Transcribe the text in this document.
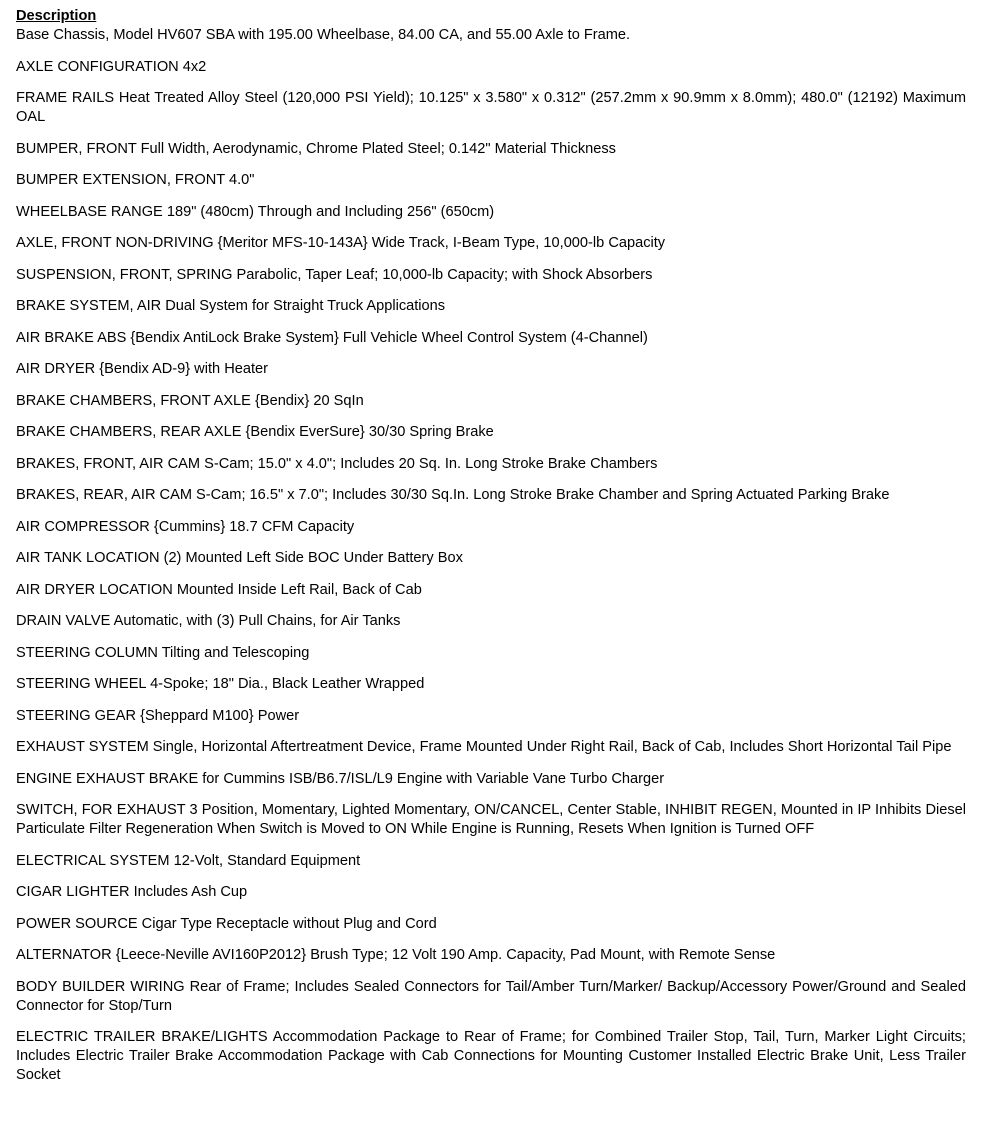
Description

Base Chassis, Model HV607 SBA with 195.00 Wheelbase, 84.00 CA, and 55.00 Axle to Frame.

AXLE CONFIGURATION 4x2

FRAME RAILS Heat Treated Alloy Steel (120,000 PSI Yield); 10.125" x 3.580" x 0.312" (257.2mm x 90.9mm x 8.0mm); 480.0" (12192) Maximum OAL

BUMPER, FRONT Full Width, Aerodynamic, Chrome Plated Steel; 0.142" Material Thickness

BUMPER EXTENSION, FRONT 4.0"

WHEELBASE RANGE 189" (480cm) Through and Including 256" (650cm)

AXLE, FRONT NON-DRIVING {Meritor MFS-10-143A} Wide Track, I-Beam Type, 10,000-lb Capacity

SUSPENSION, FRONT, SPRING Parabolic, Taper Leaf; 10,000-lb Capacity; with Shock Absorbers

BRAKE SYSTEM, AIR Dual System for Straight Truck Applications

AIR BRAKE ABS {Bendix AntiLock Brake System} Full Vehicle Wheel Control System (4-Channel)

AIR DRYER {Bendix AD-9} with Heater

BRAKE CHAMBERS, FRONT AXLE {Bendix} 20 SqIn

BRAKE CHAMBERS, REAR AXLE {Bendix EverSure} 30/30 Spring Brake

BRAKES, FRONT, AIR CAM S-Cam; 15.0" x 4.0"; Includes 20 Sq. In. Long Stroke Brake Chambers

BRAKES, REAR, AIR CAM S-Cam; 16.5" x 7.0"; Includes 30/30 Sq.In. Long Stroke Brake Chamber and Spring Actuated Parking Brake

AIR COMPRESSOR {Cummins} 18.7 CFM Capacity

AIR TANK LOCATION (2) Mounted Left Side BOC Under Battery Box

AIR DRYER LOCATION Mounted Inside Left Rail, Back of Cab

DRAIN VALVE Automatic, with (3) Pull Chains, for Air Tanks

STEERING COLUMN Tilting and Telescoping

STEERING WHEEL 4-Spoke; 18" Dia., Black Leather Wrapped

STEERING GEAR {Sheppard M100} Power

EXHAUST SYSTEM Single, Horizontal Aftertreatment Device, Frame Mounted Under Right Rail, Back of Cab, Includes Short Horizontal Tail Pipe

ENGINE EXHAUST BRAKE for Cummins ISB/B6.7/ISL/L9 Engine with Variable Vane Turbo Charger

SWITCH, FOR EXHAUST 3 Position, Momentary, Lighted Momentary, ON/CANCEL, Center Stable, INHIBIT REGEN, Mounted in IP Inhibits Diesel Particulate Filter Regeneration When Switch is Moved to ON While Engine is Running, Resets When Ignition is Turned OFF

ELECTRICAL SYSTEM 12-Volt, Standard Equipment

CIGAR LIGHTER Includes Ash Cup

POWER SOURCE Cigar Type Receptacle without Plug and Cord

ALTERNATOR {Leece-Neville AVI160P2012} Brush Type; 12 Volt 190 Amp. Capacity, Pad Mount, with Remote Sense

BODY BUILDER WIRING Rear of Frame; Includes Sealed Connectors for Tail/Amber Turn/Marker/ Backup/Accessory Power/Ground and Sealed Connector for Stop/Turn

ELECTRIC TRAILER BRAKE/LIGHTS Accommodation Package to Rear of Frame; for Combined Trailer Stop, Tail, Turn, Marker Light Circuits; Includes Electric Trailer Brake Accommodation Package with Cab Connections for Mounting Customer Installed Electric Brake Unit, Less Trailer Socket
